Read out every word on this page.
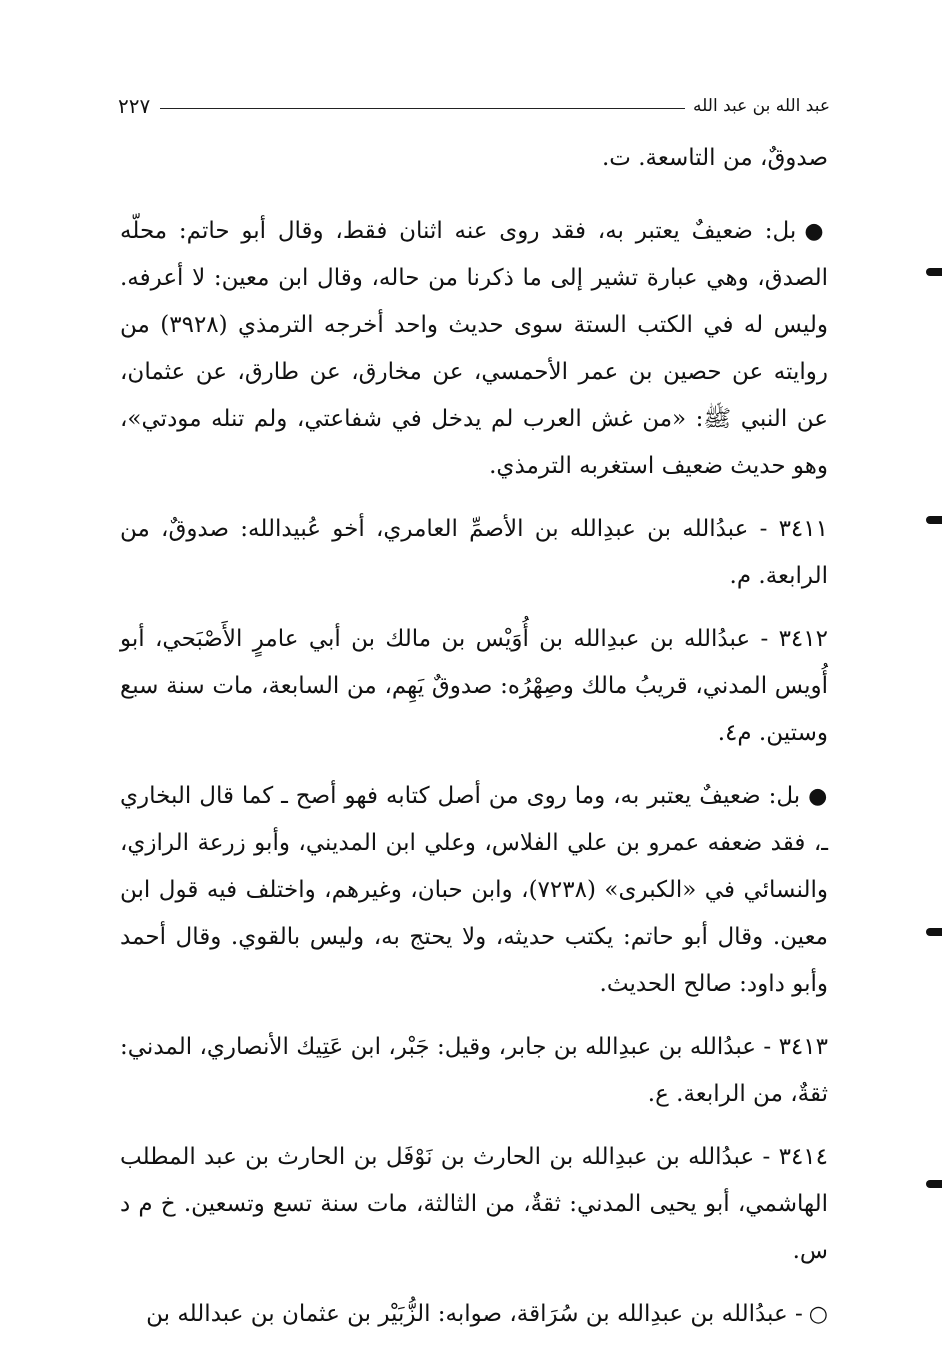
٢٢٧	عبد الله بن عبد الله

صدوقٌ، من التاسعة. ت.

●بل: ضعيفٌ يعتبر به، فقد روى عنه اثنان فقط، وقال أبو حاتم: محلّه الصدق، وهي عبارة تشير إلى ما ذكرنا من حاله، وقال ابن معين: لا أعرفه. وليس له في الكتب الستة سوى حديث واحد أخرجه الترمذي (٣٩٢٨) من روايته عن حصين بن عمر الأحمسي، عن مخارق، عن طارق، عن عثمان، عن النبي ﷺ: «من غش العرب لم يدخل في شفاعتي، ولم تنله مودتي»، وهو حديث ضعيف استغربه الترمذي.

٣٤١١ - عبدُالله بن عبدِالله بن الأصمِّ العامري، أخو عُبيدالله: صدوقٌ، من الرابعة. م.

٣٤١٢ - عبدُالله بن عبدِالله بن أُوَيْس بن مالك بن أبي عامرٍ الأَصْبَحي، أبو أُويس المدني، قريبُ مالك وصِهْرُه: صدوقٌ يَهِم، من السابعة، مات سنة سبع وستين. م٤.

●بل: ضعيفٌ يعتبر به، وما روى من أصل كتابه فهو أصح ـ كما قال البخاري ـ، فقد ضعفه عمرو بن علي الفلاس، وعلي ابن المديني، وأبو زرعة الرازي، والنسائي في «الكبرى» (٧٢٣٨)، وابن حبان، وغيرهم، واختلف فيه قول ابن معين. وقال أبو حاتم: يكتب حديثه، ولا يحتج به، وليس بالقوي. وقال أحمد وأبو داود: صالح الحديث.

٣٤١٣ - عبدُالله بن عبدِالله بن جابر، وقيل: جَبْر، ابن عَتِيك الأنصاري، المدني: ثقةٌ، من الرابعة. ع.

٣٤١٤ - عبدُالله بن عبدِالله بن الحارث بن نَوْفَل بن الحارث بن عبد المطلب الهاشمي، أبو يحيى المدني: ثقةٌ، من الثالثة، مات سنة تسع وتسعين. خ م د س.

○- عبدُالله بن عبدِالله بن سُرَاقة، صوابه: الزُّبَيْر بن عثمان بن عبدالله بن
